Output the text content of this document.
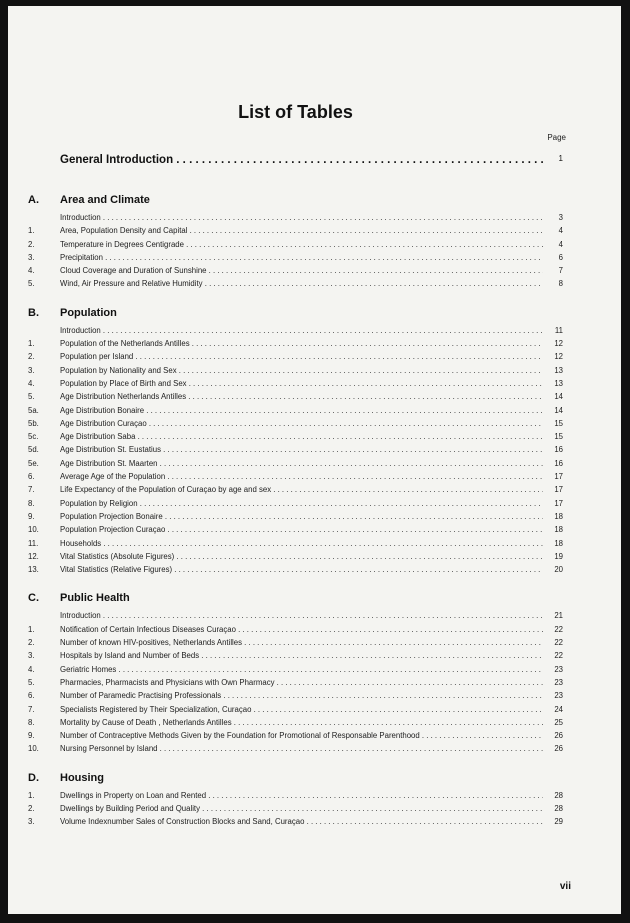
List of Tables
Page
General Introduction . . .	1
A.	Area and Climate
Introduction . . .	3
1.	Area, Population Density and Capital . . .	4
2.	Temperature in Degrees Centigrade . . .	4
3.	Precipitation . . .	6
4.	Cloud Coverage and Duration of Sunshine . . .	7
5.	Wind, Air Pressure and Relative Humidity . . .	8
B.	Population
Introduction . . .	11
1.	Population of the Netherlands Antilles . . .	12
2.	Population per Island . . .	12
3.	Population by Nationality and Sex . . .	13
4.	Population by Place of Birth and Sex . . .	13
5.	Age Distribution Netherlands Antilles . . .	14
5a.	Age Distribution Bonaire . . .	14
5b.	Age Distribution Curaçao . . .	15
5c.	Age Distribution Saba . . .	15
5d.	Age Distribution St. Eustatius . . .	16
5e.	Age Distribution St. Maarten . . .	16
6.	Average Age of the Population . . .	17
7.	Life Expectancy of the Population of Curaçao by age and sex . . .	17
8.	Population by Religion . . .	17
9.	Population Projection Bonaire . . .	18
10.	Population Projection Curaçao . . .	18
11.	Households . . .	18
12.	Vital Statistics (Absolute Figures) . . .	19
13.	Vital Statistics (Relative Figures) . . .	20
C.	Public Health
Introduction . . .	21
1.	Notification of Certain Infectious Diseases Curaçao . . .	22
2.	Number of known HIV-positives, Netherlands Antilles . . .	22
3.	Hospitals by Island and Number of Beds . . .	22
4.	Geriatric Homes . . .	23
5.	Pharmacies, Pharmacists and Physicians with Own Pharmacy . . .	23
6.	Number of Paramedic Practising Professionals . . .	23
7.	Specialists Registered by Their Specialization, Curaçao . . .	24
8.	Mortality by Cause of Death , Netherlands Antilles . . .	25
9.	Number of Contraceptive Methods Given by the Foundation for Promotional of Responsable Parenthood . . .	26
10.	Nursing Personnel by Island . . .	26
D.	Housing
1.	Dwellings in Property on Loan and Rented . . .	28
2.	Dwellings by Building Period and Quality . . .	28
3.	Volume Indexnumber Sales of Construction Blocks and Sand, Curaçao . . .	29
vii
